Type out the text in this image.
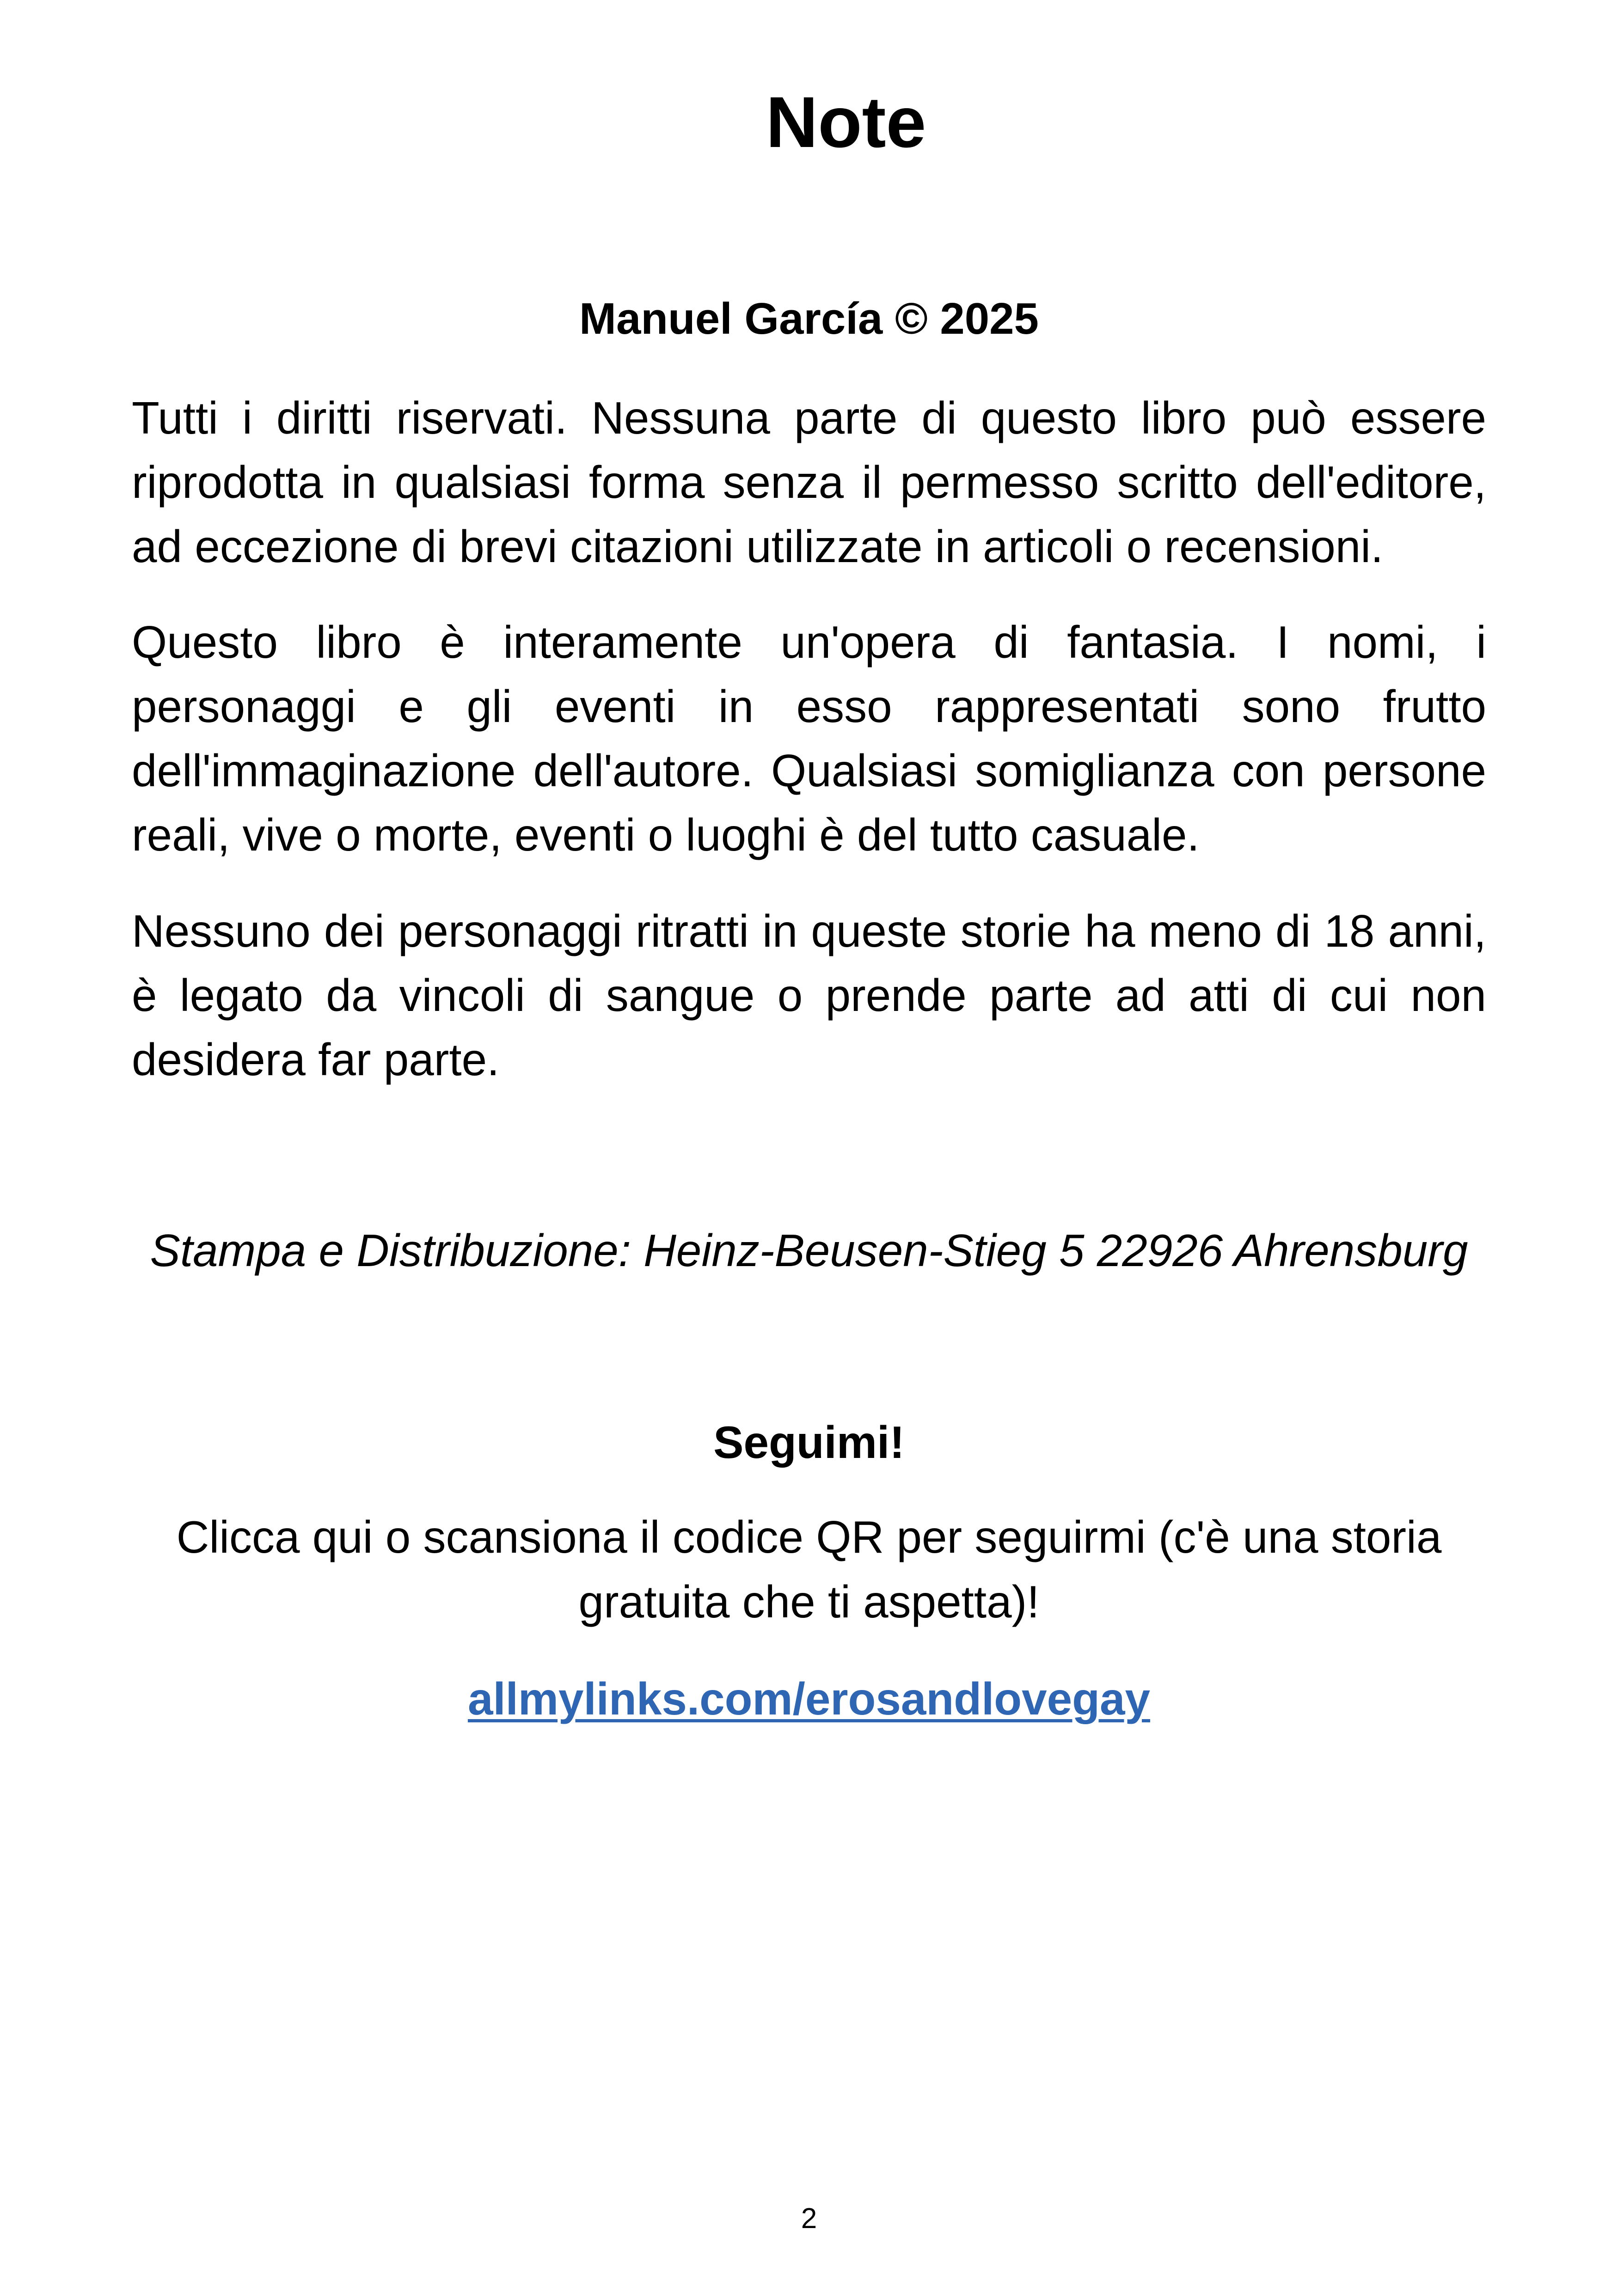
Note
Manuel García © 2025

Tutti i diritti riservati. Nessuna parte di questo libro può essere riprodotta in qualsiasi forma senza il permesso scritto dell'editore, ad eccezione di brevi citazioni utilizzate in articoli o recensioni.

Questo libro è interamente un'opera di fantasia. I nomi, i personaggi e gli eventi in esso rappresentati sono frutto dell'immaginazione dell'autore. Qualsiasi somiglianza con persone reali, vive o morte, eventi o luoghi è del tutto casuale.

Nessuno dei personaggi ritratti in queste storie ha meno di 18 anni, è legato da vincoli di sangue o prende parte ad atti di cui non desidera far parte.

Stampa e Distribuzione: Heinz-Beusen-Stieg 5 22926 Ahrensburg
Seguimi!
Clicca qui o scansiona il codice QR per seguirmi (c'è una storia gratuita che ti aspetta)!
allmylinks.com/erosandlovegay
2
